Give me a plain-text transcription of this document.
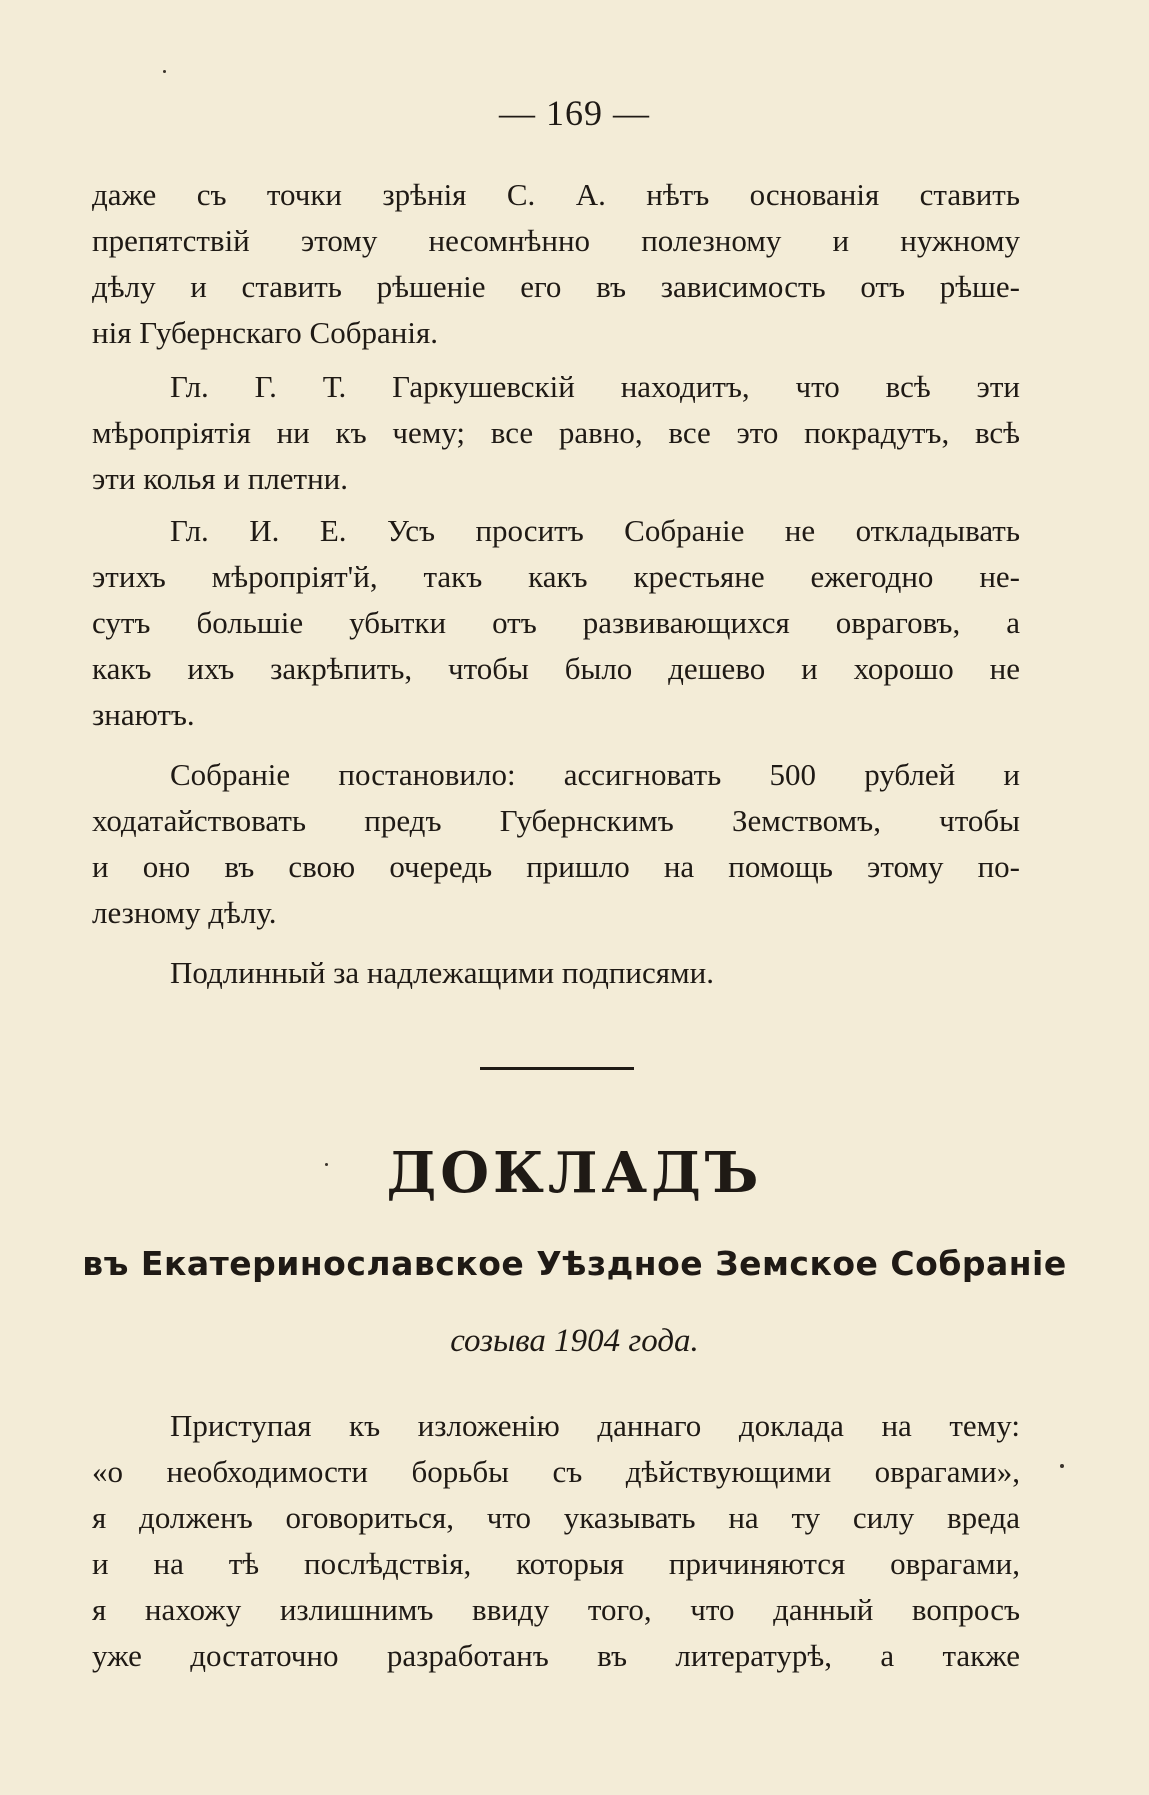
— 169 —
даже съ точки зрѣнія С. А. нѣтъ основанія ставить
препятствій этому несомнѣнно полезному и нужному
дѣлу и ставить рѣшеніе его въ зависимость отъ рѣше-
нія Губернскаго Собранія.
Гл. Г. Т. Гаркушевскій находитъ, что всѣ эти
мѣропріятія ни къ чему; все равно, все это покрадутъ, всѣ
эти колья и плетни.
Гл. И. Е. Усъ проситъ Собраніе не откладывать
этихъ мѣропріят'й, такъ какъ крестьяне ежегодно не-
сутъ большіе убытки отъ развивающихся овраговъ, а
какъ ихъ закрѣпить, чтобы было дешево и хорошо не
знаютъ.
Собраніе постановило: ассигновать 500 рублей и
ходатайствовать предъ Губернскимъ Земствомъ, чтобы
и оно въ свою очередь пришло на помощь этому по-
лезному дѣлу.
Подлинный за надлежащими подписями.
ДОКЛАДЪ
въ Екатеринославское Уѣздное Земское Собраніе
созыва 1904 года.
Приступая къ изложенію даннаго доклада на тему:
«о необходимости борьбы съ дѣйствующими оврагами»,
я долженъ оговориться, что указывать на ту силу вреда
и на тѣ послѣдствія, которыя причиняются оврагами,
я нахожу излишнимъ ввиду того, что данный вопросъ
уже достаточно разработанъ въ литературѣ, а также
